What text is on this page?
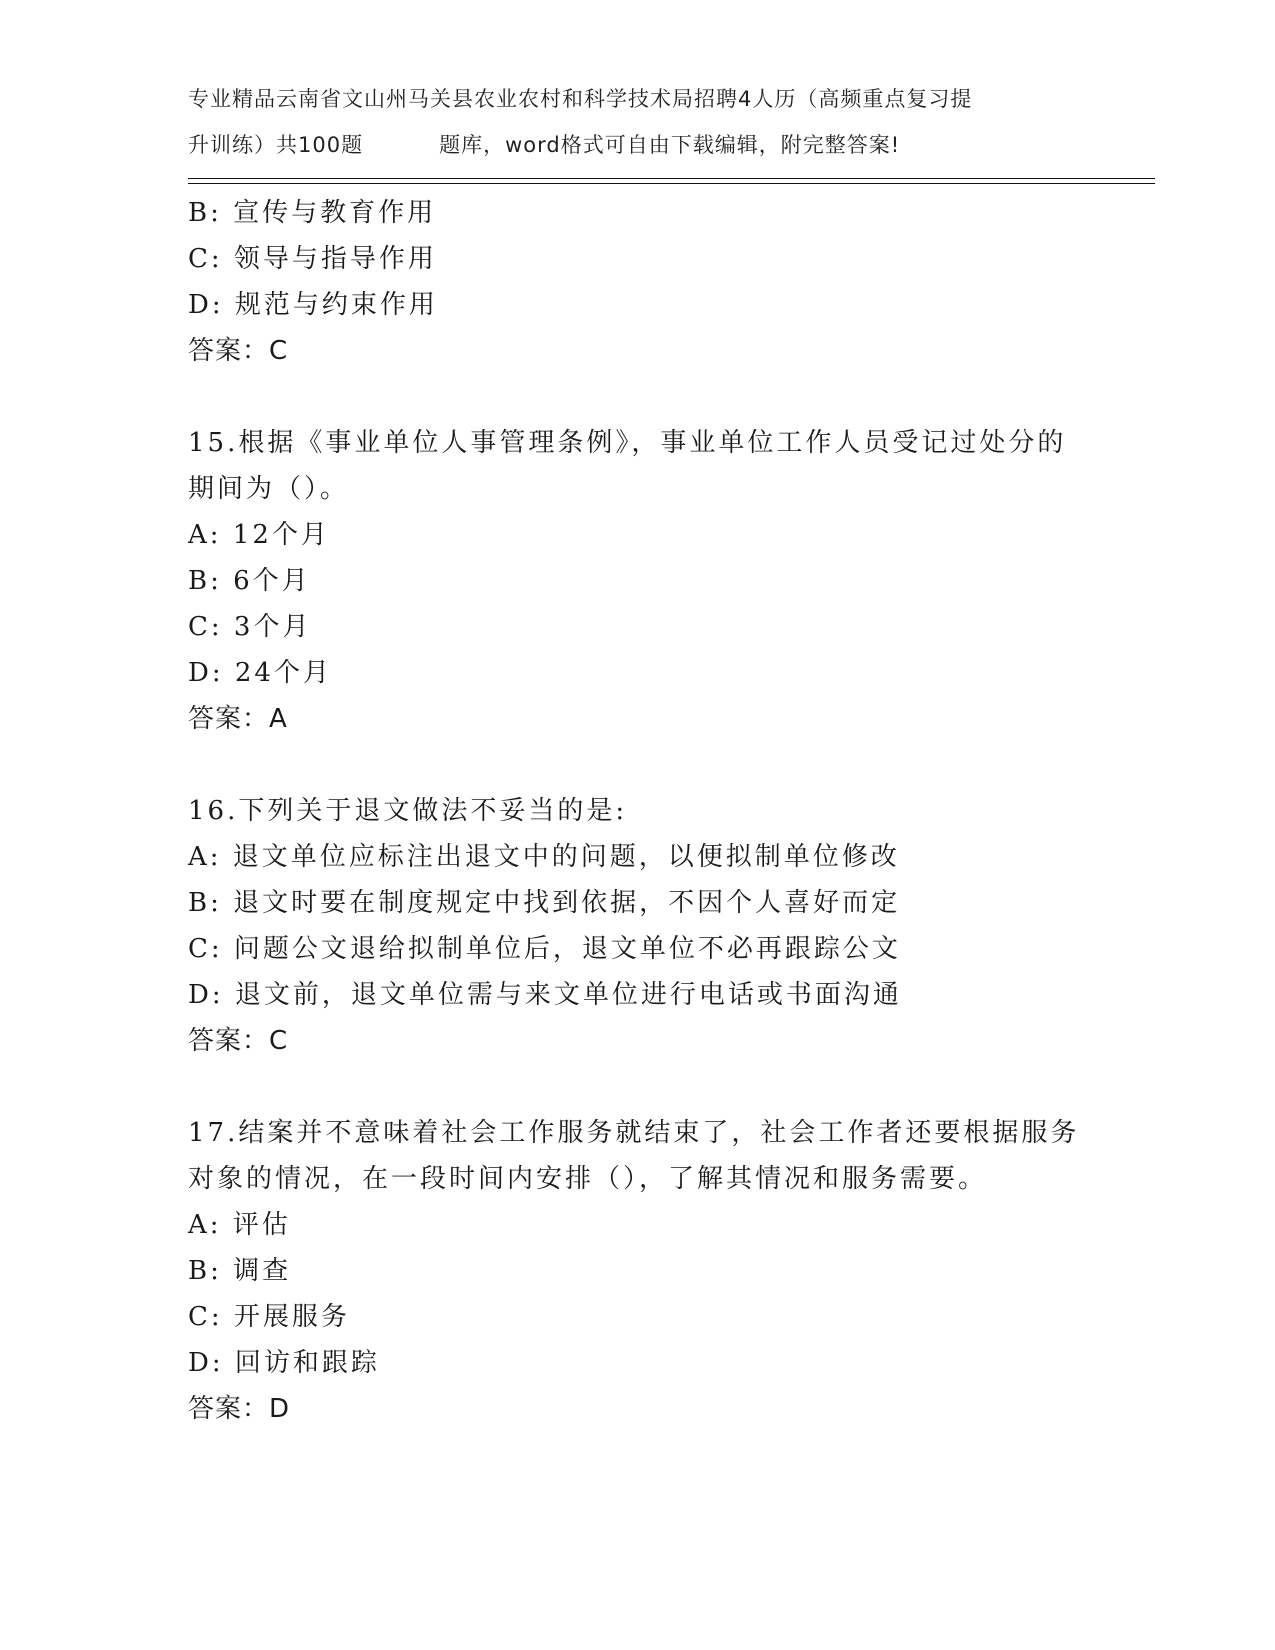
专业精品云南省文山州马关县农业农村和科学技术局招聘4人历（高频重点复习提
升训练）共100题	题库，word格式可自由下载编辑，附完整答案!
B: 宣传与教育作用
C: 领导与指导作用
D: 规范与约束作用
答案：C
15.根据《事业单位人事管理条例》，事业单位工作人员受记过处分的
期间为（）。
A: 12个月
B: 6个月
C: 3个月
D: 24个月
答案：A
16.下列关于退文做法不妥当的是:
A: 退文单位应标注出退文中的问题，以便拟制单位修改
B: 退文时要在制度规定中找到依据，不因个人喜好而定
C: 问题公文退给拟制单位后，退文单位不必再跟踪公文
D: 退文前，退文单位需与来文单位进行电话或书面沟通
答案：C
17.结案并不意味着社会工作服务就结束了，社会工作者还要根据服务
对象的情况，在一段时间内安排（），了解其情况和服务需要。
A: 评估
B: 调查
C: 开展服务
D: 回访和跟踪
答案：D
